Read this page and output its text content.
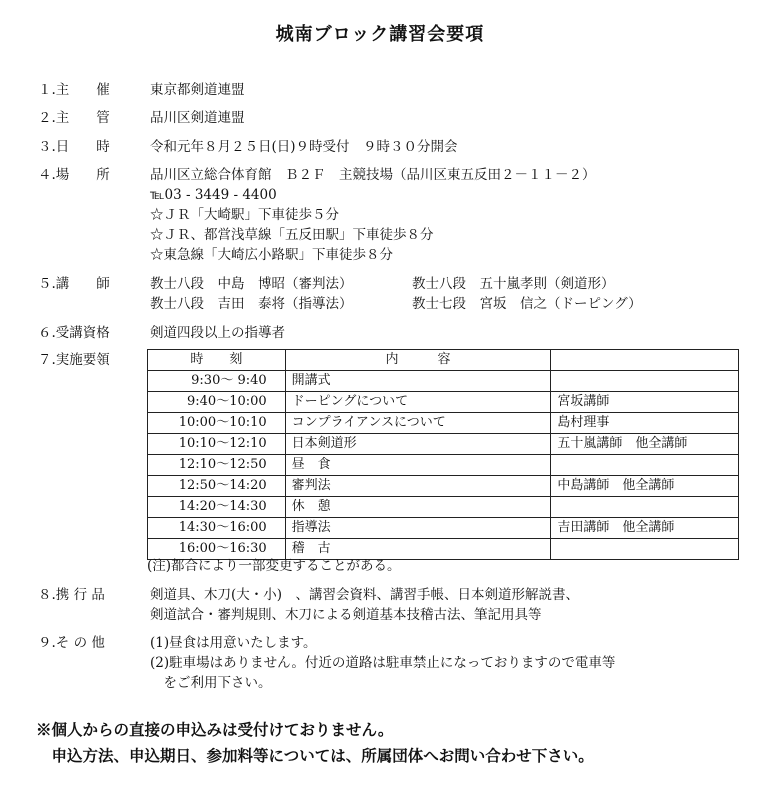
城南ブロック講習会要項
１.主　　催	東京都剣道連盟
２.主　　管	品川区剣道連盟
３.日　　時	令和元年８月２５日(日)９時受付　９時３０分開会
４.場　　所	品川区立総合体育館　Ｂ２Ｆ　主競技場（品川区東五反田２－１１－２）
℡03 - 3449 - 4400
☆ＪＲ「大崎駅」下車徒歩５分
☆ＪＲ、都営浅草線「五反田駅」下車徒歩８分
☆東急線「大崎広小路駅」下車徒歩８分
５.講　　師	教士八段　中島　博昭（審判法）	教士八段　五十嵐孝則（剣道形）
教士八段　吉田　泰将（指導法）	教士七段　宮坂　信之（ドーピング）
６.受講資格	剣道四段以上の指導者
７.実施要領	時　　刻	内　　　容	
9:30～ 9:40	開講式	
9:40～10:00	ドーピングについて	宮坂講師
10:00～10:10	コンプライアンスについて	島村理事
10:10～12:10	日本剣道形	五十嵐講師　他全講師
12:10～12:50	昼　食	
12:50～14:20	審判法	中島講師　他全講師
14:20～14:30	休　憩	
14:30～16:00	指導法	吉田講師　他全講師
16:00～16:30	稽　古	
(注)都合により一部変更することがある。
８.携 行 品	剣道具、木刀(大・小)　、講習会資料、講習手帳、日本剣道形解説書、
剣道試合・審判規則、木刀による剣道基本技稽古法、筆記用具等
９.そ の 他	(1)昼食は用意いたします。
(2)駐車場はありません。付近の道路は駐車禁止になっておりますので電車等
　をご利用下さい。
※個人からの直接の申込みは受付けておりません。
　申込方法、申込期日、参加料等については、所属団体へお問い合わせ下さい。
